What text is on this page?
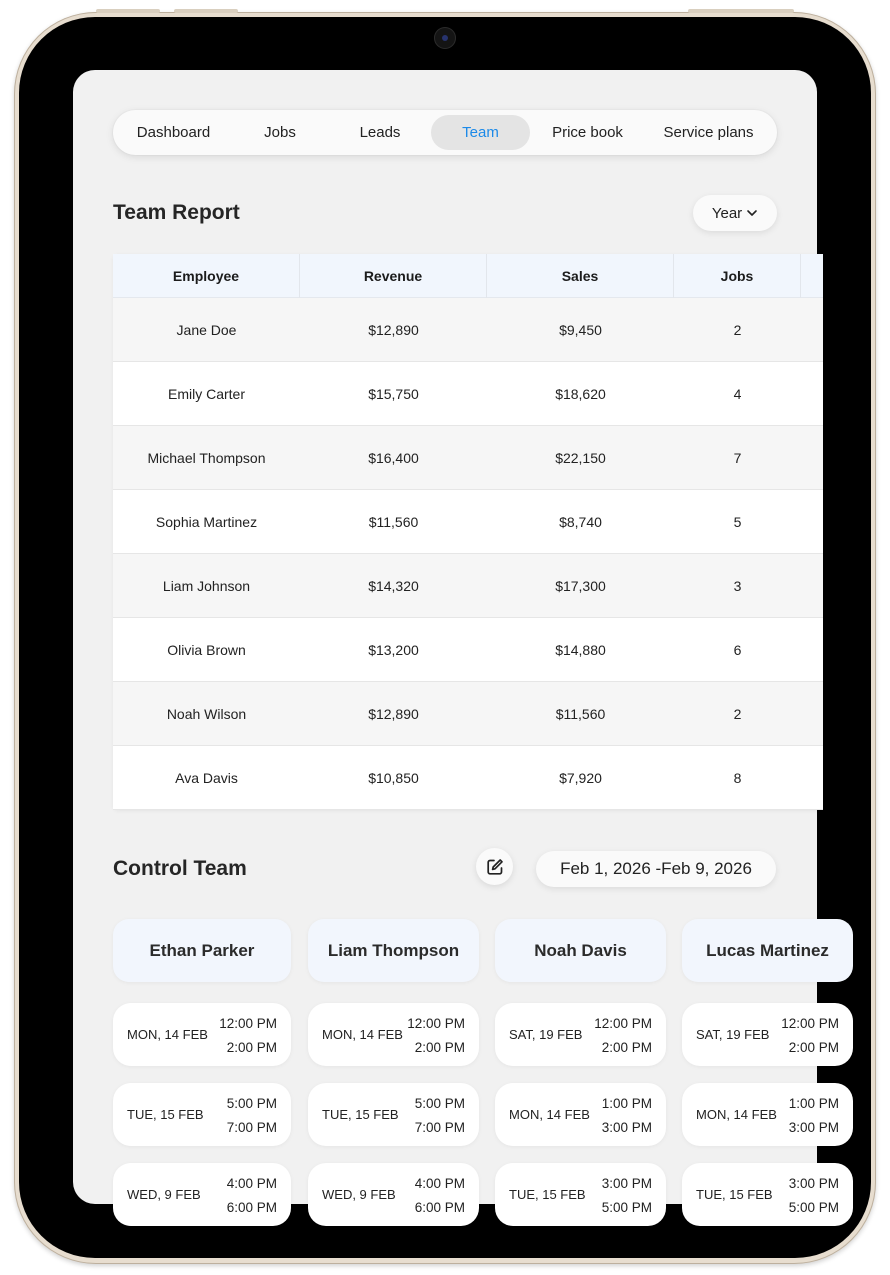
Dashboard	Jobs	Leads	Team	Price book	Service plans
Team Report	Year
Employee	Revenue	Sales	Jobs
Jane Doe	$12,890	$9,450	2
Emily Carter	$15,750	$18,620	4
Michael Thompson	$16,400	$22,150	7
Sophia Martinez	$11,560	$8,740	5
Liam Johnson	$14,320	$17,300	3
Olivia Brown	$13,200	$14,880	6
Noah Wilson	$12,890	$11,560	2
Ava Davis	$10,850	$7,920	8
Control Team	Feb 1, 2026 -Feb 9, 2026
Ethan Parker
MON, 14 FEB
12:00 PM
2:00 PM
TUE, 15 FEB
5:00 PM
7:00 PM
WED, 9 FEB
4:00 PM
6:00 PM
Liam Thompson
MON, 14 FEB
12:00 PM
2:00 PM
TUE, 15 FEB
5:00 PM
7:00 PM
WED, 9 FEB
4:00 PM
6:00 PM
Noah Davis
SAT, 19 FEB
12:00 PM
2:00 PM
MON, 14 FEB
1:00 PM
3:00 PM
TUE, 15 FEB
3:00 PM
5:00 PM
Lucas Martinez
SAT, 19 FEB
12:00 PM
2:00 PM
MON, 14 FEB
1:00 PM
3:00 PM
TUE, 15 FEB
3:00 PM
5:00 PM
